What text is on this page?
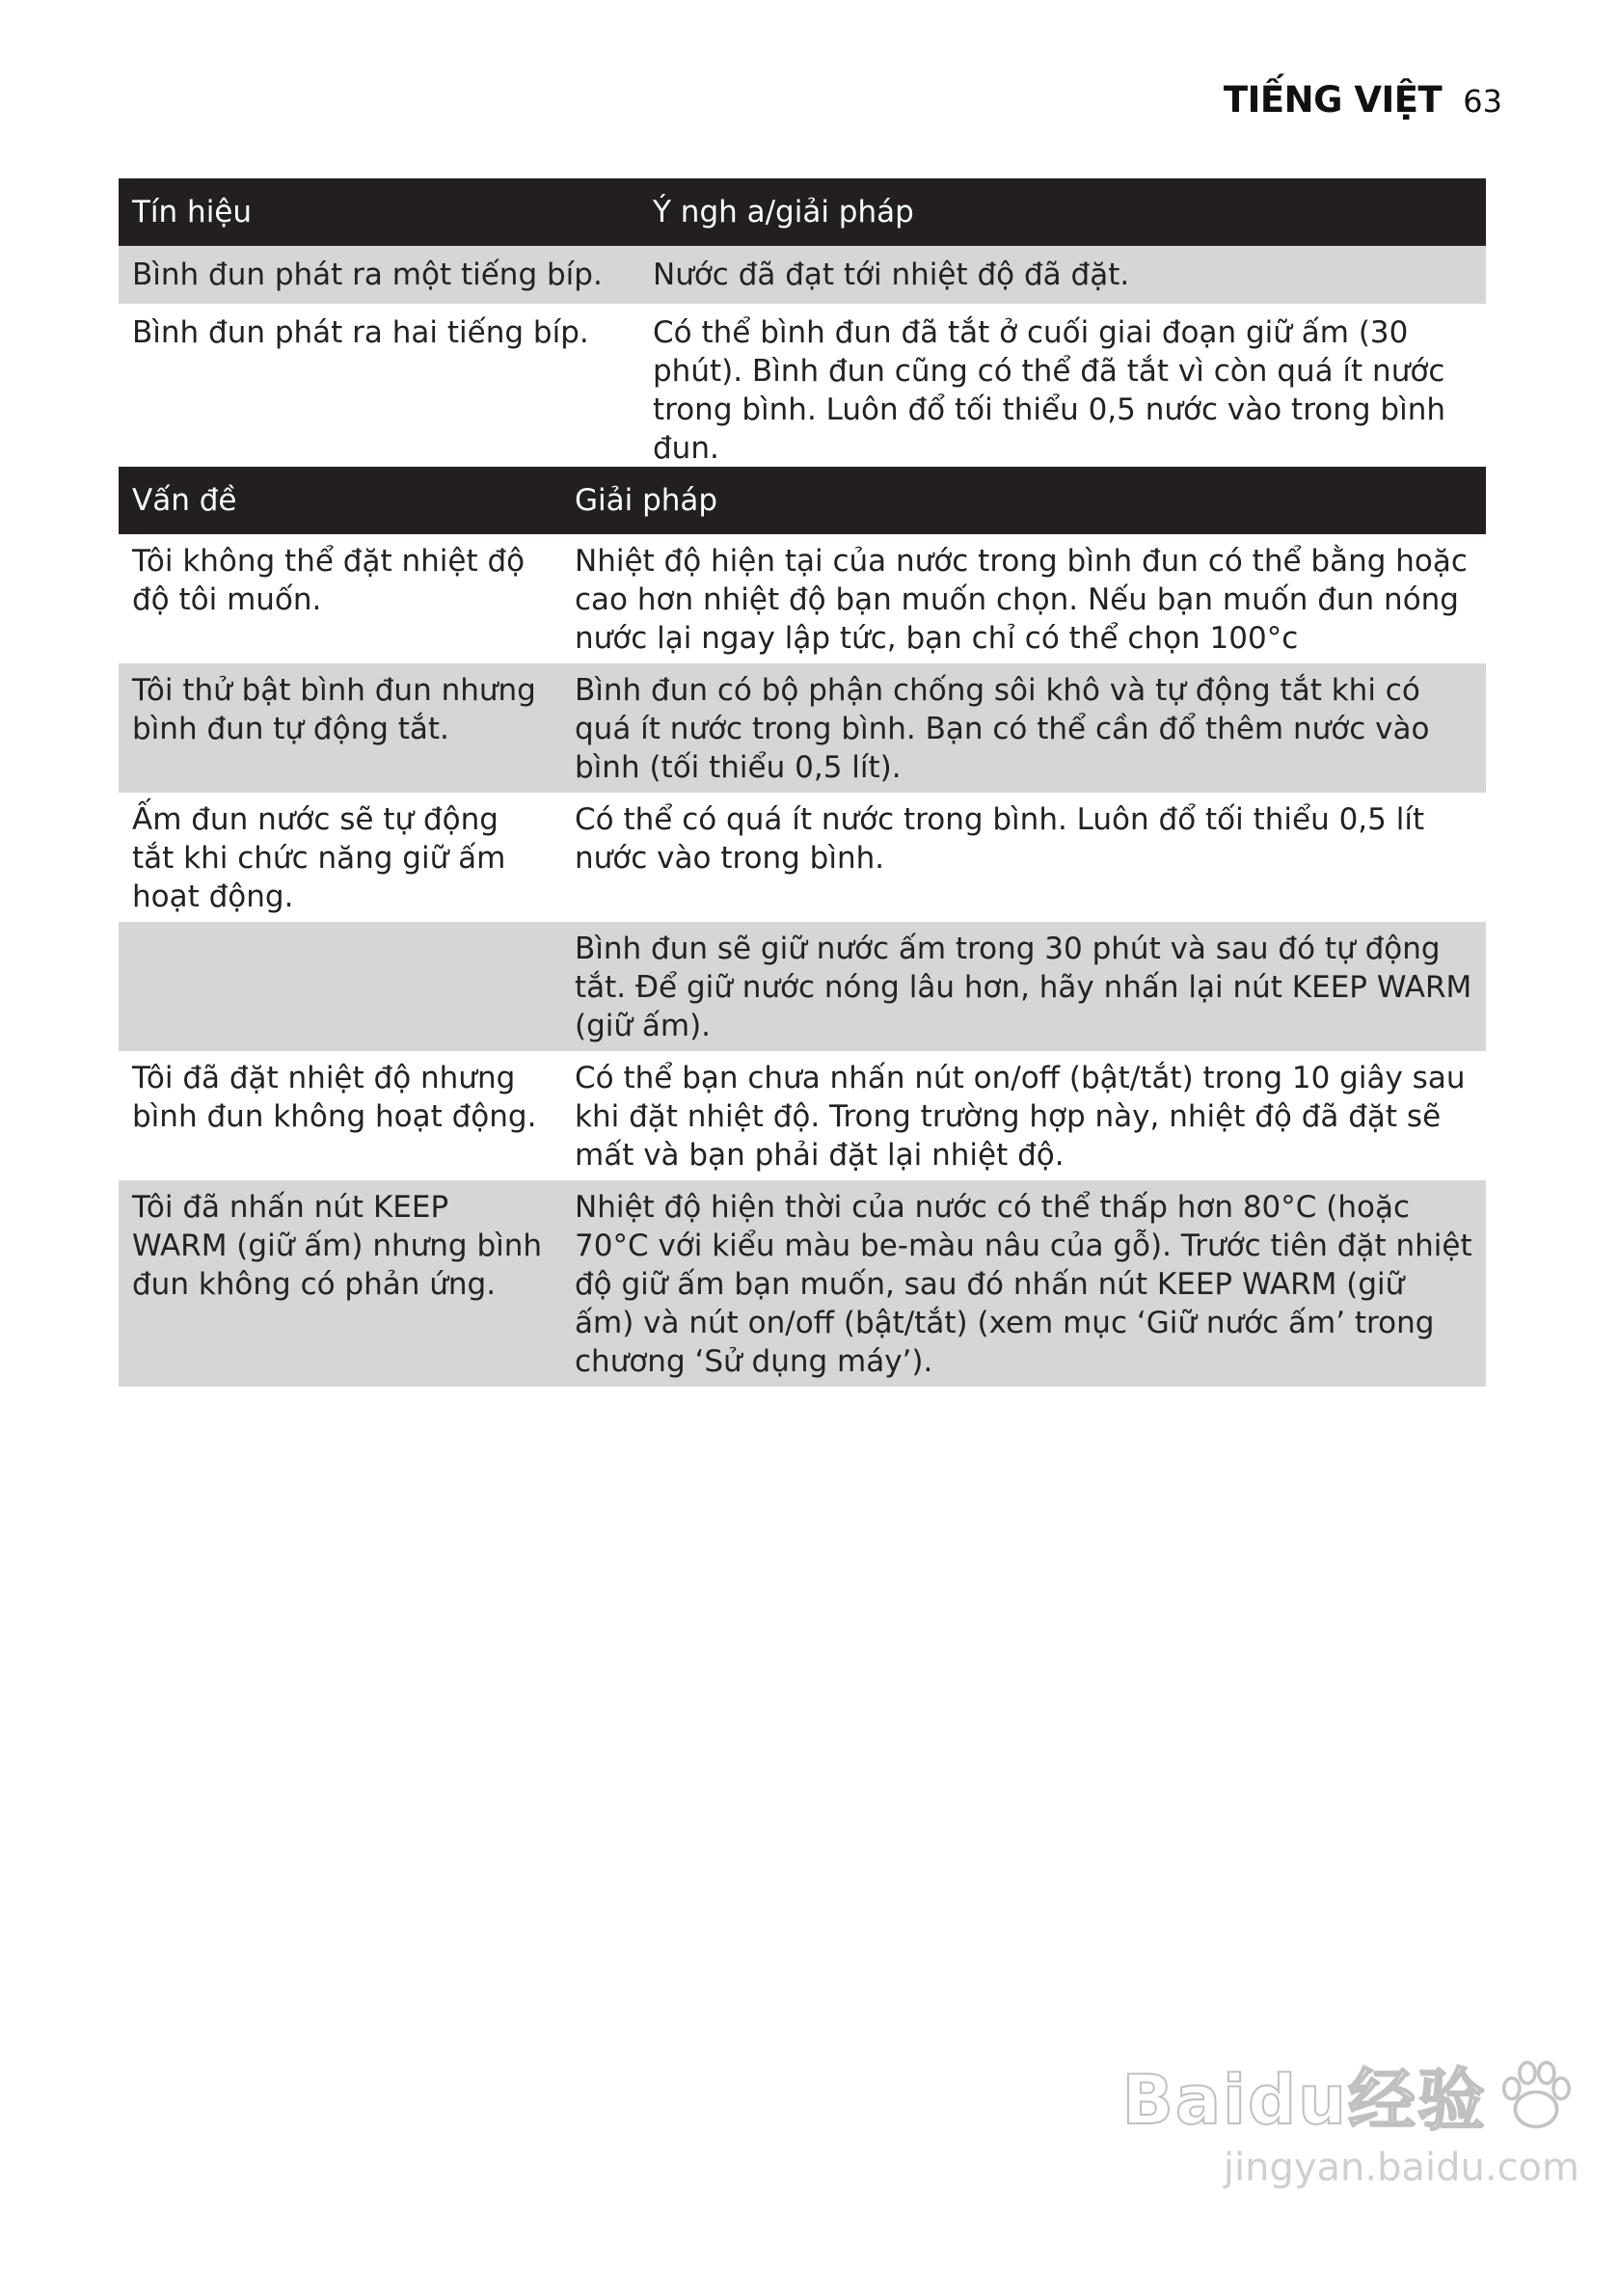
TIẾNG VIỆT 63
Tín hiệu	Ý ngh a/giải pháp
Bình đun phát ra một tiếng bíp.	Nước đã đạt tới nhiệt độ đã đặt.
Bình đun phát ra hai tiếng bíp.	Có thể bình đun đã tắt ở cuối giai đoạn giữ ấm (30 phút). Bình đun cũng có thể đã tắt vì còn quá ít nước trong bình. Luôn đổ tối thiểu 0,5 nước vào trong bình đun.
Vấn đề	Giải pháp
Tôi không thể đặt nhiệt độ độ tôi muốn.	Nhiệt độ hiện tại của nước trong bình đun có thể bằng hoặc cao hơn nhiệt độ bạn muốn chọn. Nếu bạn muốn đun nóng nước lại ngay lập tức, bạn chỉ có thể chọn 100°c
Tôi thử bật bình đun nhưng bình đun tự động tắt.	Bình đun có bộ phận chống sôi khô và tự động tắt khi có quá ít nước trong bình. Bạn có thể cần đổ thêm nước vào bình (tối thiểu 0,5 lít).
Ấm đun nước sẽ tự động tắt khi chức năng giữ ấm hoạt động.	Có thể có quá ít nước trong bình. Luôn đổ tối thiểu 0,5 lít nước vào trong bình.
	Bình đun sẽ giữ nước ấm trong 30 phút và sau đó tự động tắt. Để giữ nước nóng lâu hơn, hãy nhấn lại nút KEEP WARM (giữ ấm).
Tôi đã đặt nhiệt độ nhưng bình đun không hoạt động.	Có thể bạn chưa nhấn nút on/off (bật/tắt) trong 10 giây sau khi đặt nhiệt độ. Trong trường hợp này, nhiệt độ đã đặt sẽ mất và bạn phải đặt lại nhiệt độ.
Tôi đã nhấn nút KEEP WARM (giữ ấm) nhưng bình đun không có phản ứng.	Nhiệt độ hiện thời của nước có thể thấp hơn 80°C (hoặc 70°C với kiểu màu be-màu nâu của gỗ). Trước tiên đặt nhiệt độ giữ ấm bạn muốn, sau đó nhấn nút KEEP WARM (giữ ấm) và nút on/off (bật/tắt) (xem mục ‘Giữ nước ấm’ trong chương ‘Sử dụng máy’).
Baidu经验
jingyan.baidu.com
